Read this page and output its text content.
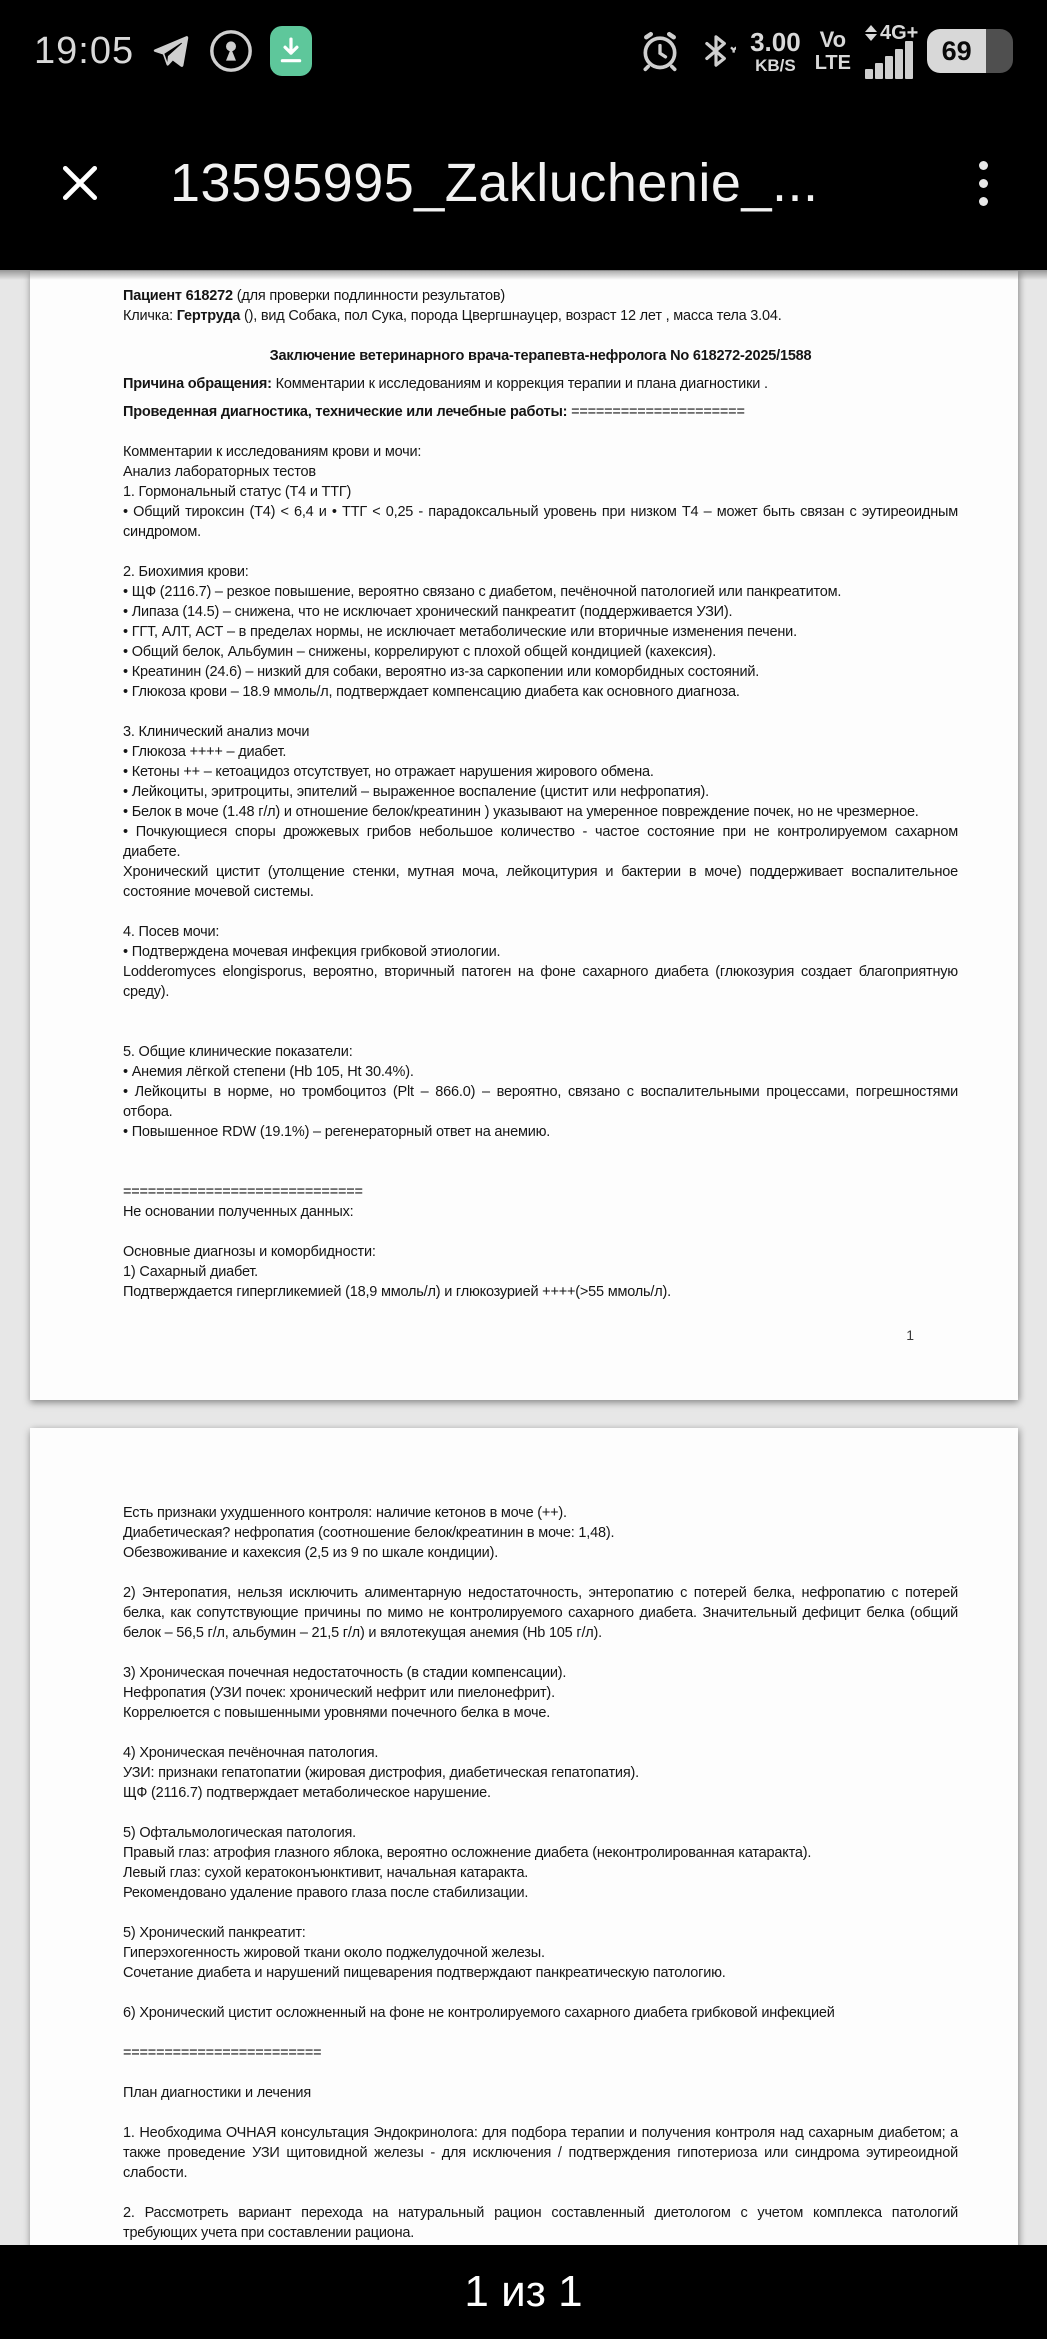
19:05	3.00
KB/S
Vo
LTE
4G+
69
13595995_Zakluchenie_...
1
Пациент 618272 (для проверки подлинности результатов)
Кличка: Гертруда (), вид Собака, пол Сука, порода Цвергшнауцер, возраст 12 лет , масса тела 3.04.
Заключение ветеринарного врача-терапевта-нефролога No 618272-2025/1588
Причина обращения: Комментарии к исследованиям и коррекция терапии и плана диагностики .
Проведенная диагностика, технические или лечебные работы: =====================
Комментарии к исследованиям крови и мочи:
Анализ лабораторных тестов
1. Гормональный статус (Т4 и ТТГ)
• Общий тироксин (Т4) < 6,4 и • ТТГ < 0,25 - парадоксальный уровень при низком Т4 – может быть связан с эутиреоидным синдромом.
2. Биохимия крови:
• ЩФ (2116.7) – резкое повышение, вероятно связано с диабетом, печёночной патологией или панкреатитом.
• Липаза (14.5) – снижена, что не исключает хронический панкреатит (поддерживается УЗИ).
• ГГТ, АЛТ, АСТ – в пределах нормы, не исключает метаболические или вторичные изменения печени.
• Общий белок, Альбумин – снижены, коррелируют с плохой общей кондицией (кахексия).
• Креатинин (24.6) – низкий для собаки, вероятно из-за саркопении или коморбидных состояний.
• Глюкоза крови – 18.9 ммоль/л, подтверждает компенсацию диабета как основного диагноза.
3. Клинический анализ мочи
• Глюкоза ++++ – диабет.
• Кетоны ++ – кетоацидоз отсутствует, но отражает нарушения жирового обмена.
• Лейкоциты, эритроциты, эпителий – выраженное воспаление (цистит или нефропатия).
• Белок в моче (1.48 г/л) и отношение белок/креатинин ) указывают на умеренное повреждение почек, но не чрезмерное.
• Почкующиеся споры дрожжевых грибов небольшое количество - частое состояние при не контролируемом сахарном диабете.
Хронический цистит (утолщение стенки, мутная моча, лейкоцитурия и бактерии в моче) поддерживает воспалительное состояние мочевой системы.
4. Посев мочи:
• Подтверждена мочевая инфекция грибковой этиологии.
Lodderomyces elongisporus, вероятно, вторичный патоген на фоне сахарного диабета (глюкозурия создает благоприятную среду).
5. Общие клинические показатели:
• Анемия лёгкой степени (Hb 105, Ht 30.4%).
• Лейкоциты в норме, но тромбоцитоз (Plt – 866.0) – вероятно, связано с воспалительными процессами, погрешностями отбора.
• Повышенное RDW (19.1%) – регенераторный ответ на анемию.
=============================
Не основании полученных данных:
Основные диагнозы и коморбидности:
1) Сахарный диабет.
Подтверждается гипергликемией (18,9 ммоль/л) и глюкозурией ++++(>55 ммоль/л).
Есть признаки ухудшенного контроля: наличие кетонов в моче (++).
Диабетическая? нефропатия (соотношение белок/креатинин в моче: 1,48).
Обезвоживание и кахексия (2,5 из 9 по шкале кондиции).
2) Энтеропатия, нельзя исключить алиментарную недостаточность, энтеропатию с потерей белка, нефропатию с потерей белка, как сопутствующие причины по мимо не контролируемого сахарного диабета. Значительный дефицит белка (общий белок – 56,5 г/л, альбумин – 21,5 г/л) и вялотекущая анемия (Hb 105 г/л).
3) Хроническая почечная недостаточность (в стадии компенсации).
Нефропатия (УЗИ почек: хронический нефрит или пиелонефрит).
Коррелюется с повышенными уровнями почечного белка в моче.
4) Хроническая печёночная патология.
УЗИ: признаки гепатопатии (жировая дистрофия, диабетическая гепатопатия).
ЩФ (2116.7) подтверждает метаболическое нарушение.
5) Офтальмологическая патология.
Правый глаз: атрофия глазного яблока, вероятно осложнение диабета (неконтролированная катаракта).
Левый глаз: сухой кератоконъюнктивит, начальная катаракта.
Рекомендовано удаление правого глаза после стабилизации.
5) Хронический панкреатит:
Гиперэхогенность жировой ткани около поджелудочной железы.
Сочетание диабета и нарушений пищеварения подтверждают панкреатическую патологию.
6) Хронический цистит осложненный на фоне не контролируемого сахарного диабета грибковой инфекцией
========================
План диагностики и лечения
1. Необходима ОЧНАЯ консультация Эндокринолога: для подбора терапии и получения контроля над сахарным диабетом; а также проведение УЗИ щитовидной железы - для исключения / подтверждения гипотериоза или синдрома эутиреоидной слабости.
2. Рассмотреть вариант перехода на натуральный рацион составленный диетологом с учетом комплекса патологий требующих учета при составлении рациона.
1 из 1
